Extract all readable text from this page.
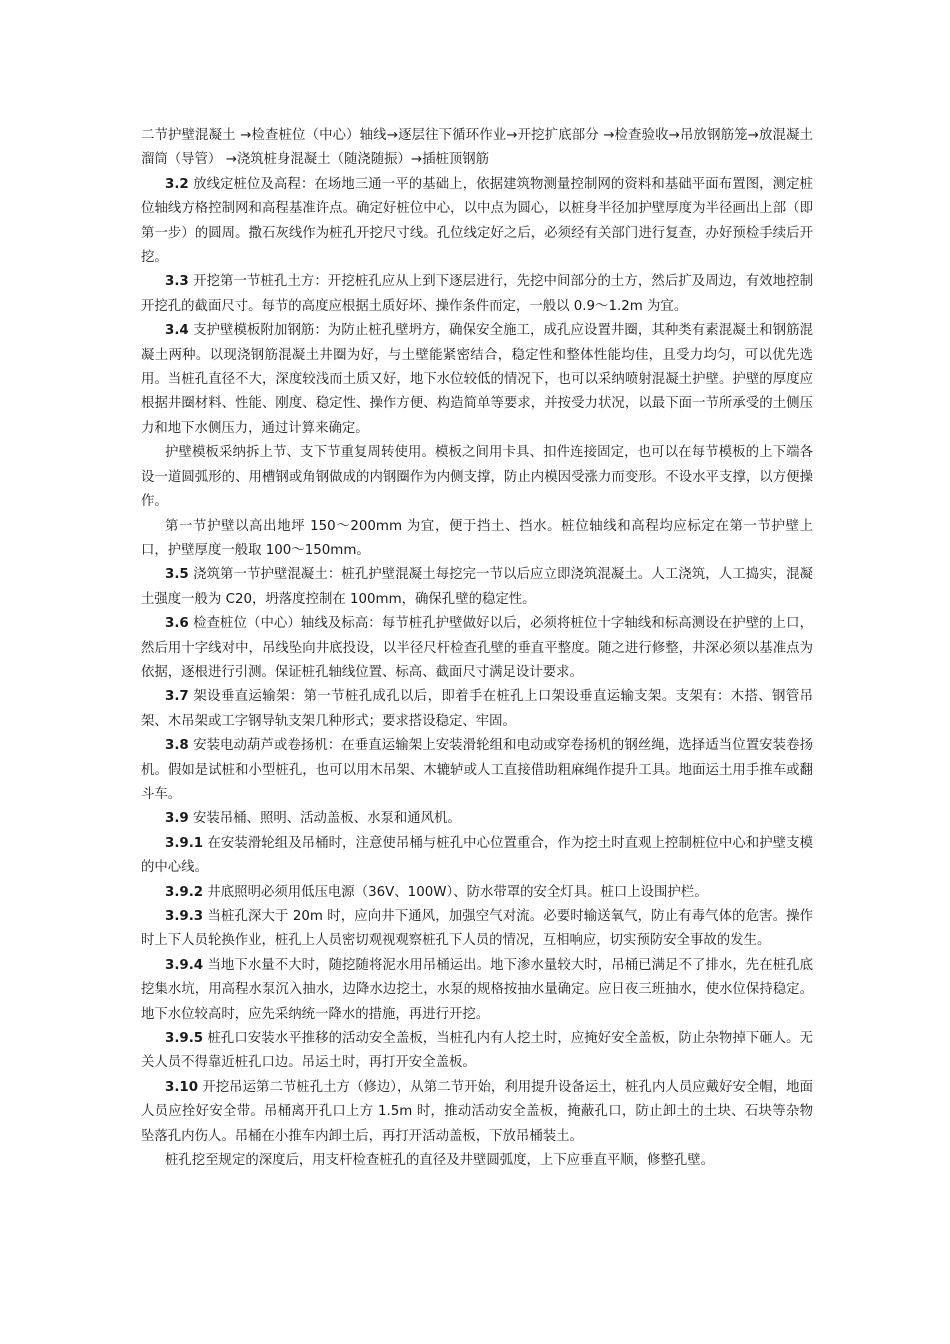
二节护壁混凝土 →检查桩位（中心）轴线→逐层往下循环作业→开挖扩底部分 →检查验收→吊放钢筋笼→放混凝土溜筒（导管） →浇筑桩身混凝土（随浇随振）→插桩顶钢筋

3.2 放线定桩位及高程：在场地三通一平的基础上，依据建筑物测量控制网的资料和基础平面布置图，测定桩位轴线方格控制网和高程基准许点。确定好桩位中心，以中点为圆心，以桩身半径加护壁厚度为半径画出上部（即第一步）的圆周。撒石灰线作为桩孔开挖尺寸线。孔位线定好之后，必须经有关部门进行复查，办好预检手续后开挖。

3.3 开挖第一节桩孔土方：开挖桩孔应从上到下逐层进行，先挖中间部分的土方，然后扩及周边，有效地控制开挖孔的截面尺寸。每节的高度应根据土质好坏、操作条件而定，一般以 0.9～1.2m 为宜。

3.4 支护壁模板附加钢筋：为防止桩孔壁坍方，确保安全施工，成孔应设置井圈，其种类有素混凝土和钢筋混凝土两种。以现浇钢筋混凝土井圈为好，与土壁能紧密结合，稳定性和整体性能均佳，且受力均匀，可以优先选用。当桩孔直径不大，深度较浅而土质又好，地下水位较低的情况下，也可以采纳喷射混凝土护壁。护壁的厚度应根据井圈材料、性能、刚度、稳定性、操作方便、构造简单等要求，并按受力状况，以最下面一节所承受的土侧压力和地下水侧压力，通过计算来确定。

护壁模板采纳拆上节、支下节重复周转使用。模板之间用卡具、扣件连接固定，也可以在每节模板的上下端各设一道圆弧形的、用槽钢或角钢做成的内钢圈作为内侧支撑，防止内模因受涨力而变形。不设水平支撑，以方便操作。

第一节护壁以高出地坪 150～200mm 为宜，便于挡土、挡水。桩位轴线和高程均应标定在第一节护壁上口，护壁厚度一般取 100～150mm。

3.5 浇筑第一节护壁混凝土：桩孔护壁混凝土每挖完一节以后应立即浇筑混凝土。人工浇筑，人工捣实，混凝土强度一般为 C20，坍落度控制在 100mm，确保孔壁的稳定性。

3.6 检查桩位（中心）轴线及标高：每节桩孔护壁做好以后，必须将桩位十字轴线和标高测设在护壁的上口，然后用十字线对中，吊线坠向井底投设，以半径尺杆检查孔壁的垂直平整度。随之进行修整，井深必须以基准点为依据，逐根进行引测。保证桩孔轴线位置、标高、截面尺寸满足设计要求。

3.7 架设垂直运输架：第一节桩孔成孔以后，即着手在桩孔上口架设垂直运输支架。支架有：木搭、钢管吊架、木吊架或工字钢导轨支架几种形式；要求搭设稳定、牢固。

3.8 安装电动葫芦或卷扬机：在垂直运输架上安装滑轮组和电动或穿卷扬机的钢丝绳，选择适当位置安装卷扬机。假如是试桩和小型桩孔，也可以用木吊架、木辘轳或人工直接借助粗麻绳作提升工具。地面运土用手推车或翻斗车。

3.9 安装吊桶、照明、活动盖板、水泵和通风机。

3.9.1 在安装滑轮组及吊桶时，注意使吊桶与桩孔中心位置重合，作为挖土时直观上控制桩位中心和护壁支模的中心线。

3.9.2 井底照明必须用低压电源（36V、100W）、防水带罩的安全灯具。桩口上设围护栏。

3.9.3 当桩孔深大于 20m 时，应向井下通风，加强空气对流。必要时输送氧气，防止有毒气体的危害。操作时上下人员轮换作业，桩孔上人员密切观视观察桩孔下人员的情况，互相响应，切实预防安全事故的发生。

3.9.4 当地下水量不大时，随挖随将泥水用吊桶运出。地下渗水量较大时，吊桶已满足不了排水，先在桩孔底挖集水坑，用高程水泵沉入抽水，边降水边挖土，水泵的规格按抽水量确定。应日夜三班抽水，使水位保持稳定。地下水位较高时，应先采纳统一降水的措施，再进行开挖。

3.9.5 桩孔口安装水平推移的活动安全盖板，当桩孔内有人挖土时，应掩好安全盖板，防止杂物掉下砸人。无关人员不得靠近桩孔口边。吊运土时，再打开安全盖板。

3.10 开挖吊运第二节桩孔土方（修边），从第二节开始，利用提升设备运土，桩孔内人员应戴好安全帽，地面人员应拴好安全带。吊桶离开孔口上方 1.5m 时，推动活动安全盖板，掩蔽孔口，防止卸土的土块、石块等杂物坠落孔内伤人。吊桶在小推车内卸土后，再打开活动盖板，下放吊桶装土。

桩孔挖至规定的深度后，用支杆检查桩孔的直径及井壁圆弧度，上下应垂直平顺，修整孔壁。
